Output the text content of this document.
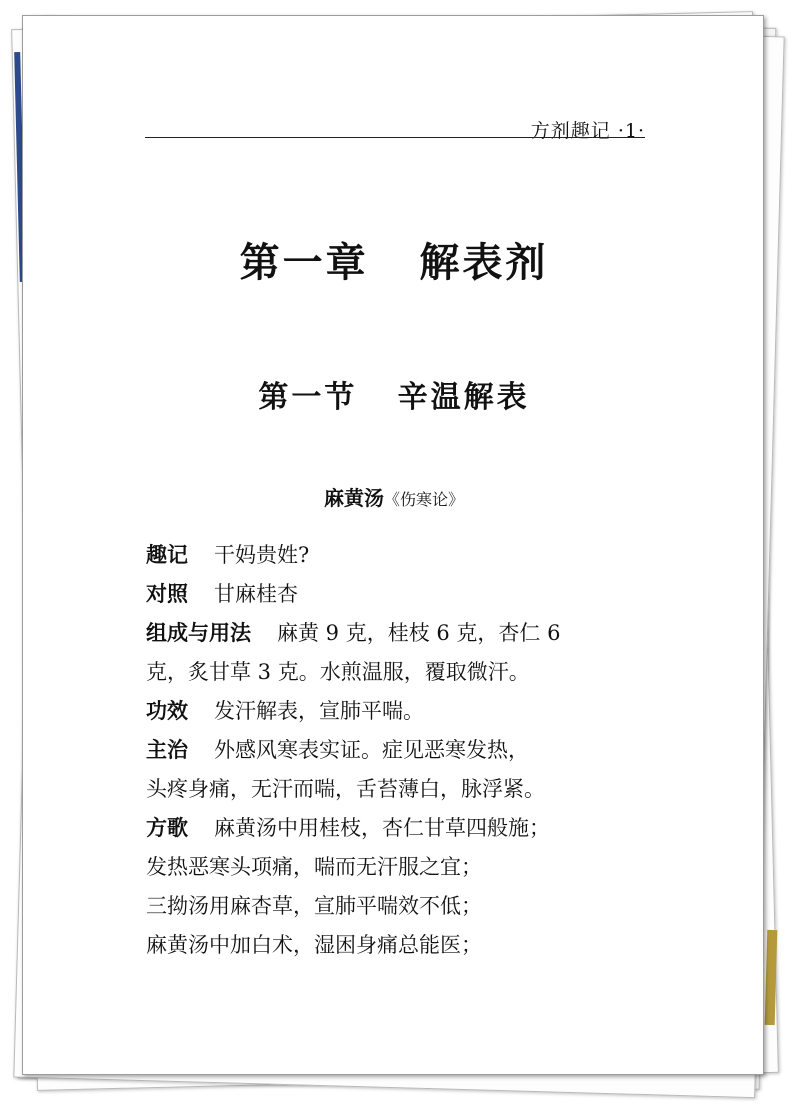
方剂趣记 ·1·
第一章   解表剂
第一节   辛温解表
麻黄汤《伤寒论》

趣记 干妈贵姓?

对照 甘麻桂杏

组成与用法 麻黄 9 克，桂枝 6 克，杏仁 6

克，炙甘草 3 克。水煎温服，覆取微汗。

功效 发汗解表，宣肺平喘。

主治 外感风寒表实证。症见恶寒发热，

头疼身痛，无汗而喘，舌苔薄白，脉浮紧。

方歌 麻黄汤中用桂枝，杏仁甘草四般施；

发热恶寒头项痛，喘而无汗服之宜；

三拗汤用麻杏草，宣肺平喘效不低；

麻黄汤中加白术，湿困身痛总能医；
